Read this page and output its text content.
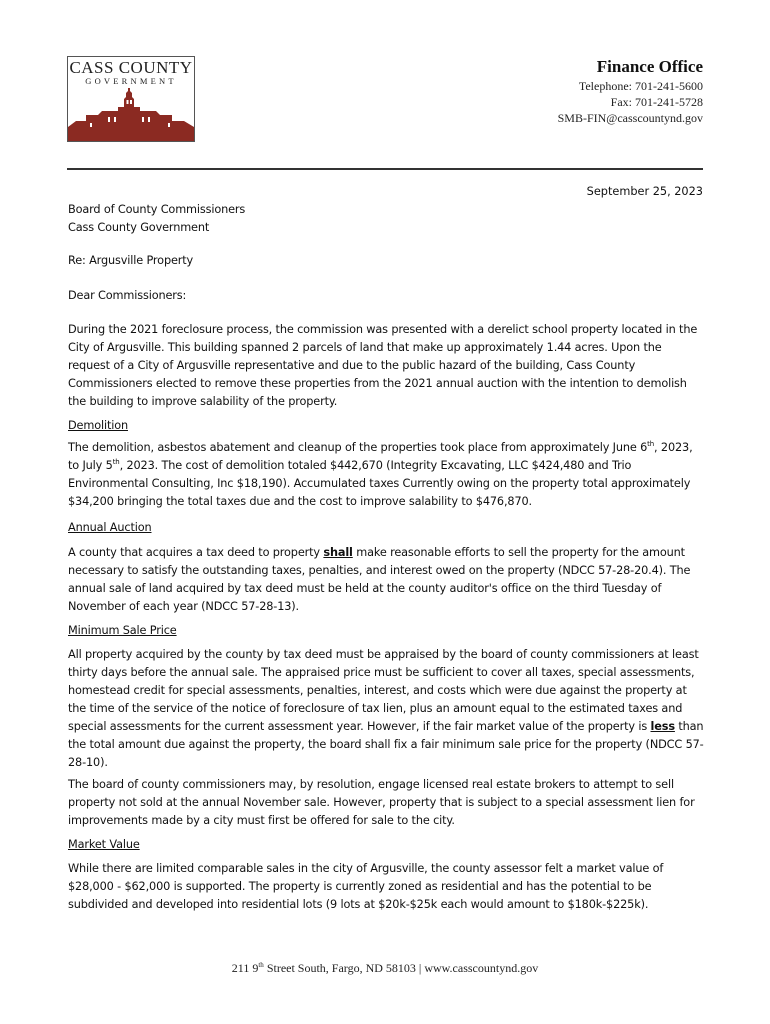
CASS COUNTY
GOVERNMENT
Finance Office
Telephone: 701-241-5600
Fax: 701-241-5728
SMB-FIN@casscountynd.gov
September 25, 2023

Board of County Commissioners

Cass County Government

Re: Argusville Property
Dear Commissioners:
During the 2021 foreclosure process, the commission was presented with a derelict school property located in the City of Argusville. This building spanned 2 parcels of land that make up approximately 1.44 acres. Upon the request of a City of Argusville representative and due to the public hazard of the building, Cass County Commissioners elected to remove these properties from the 2021 annual auction with the intention to demolish the building to improve salability of the property.
Demolition
The demolition, asbestos abatement and cleanup of the properties took place from approximately June 6th, 2023, to July 5th, 2023. The cost of demolition totaled $442,670 (Integrity Excavating, LLC $424,480 and Trio Environmental Consulting, Inc $18,190). Accumulated taxes Currently owing on the property total approximately $34,200 bringing the total taxes due and the cost to improve salability to $476,870.
Annual Auction
A county that acquires a tax deed to property shall make reasonable efforts to sell the property for the amount necessary to satisfy the outstanding taxes, penalties, and interest owed on the property (NDCC 57-28-20.4). The annual sale of land acquired by tax deed must be held at the county auditor's office on the third Tuesday of November of each year (NDCC 57-28-13).
Minimum Sale Price
All property acquired by the county by tax deed must be appraised by the board of county commissioners at least thirty days before the annual sale. The appraised price must be sufficient to cover all taxes, special assessments, homestead credit for special assessments, penalties, interest, and costs which were due against the property at the time of the service of the notice of foreclosure of tax lien, plus an amount equal to the estimated taxes and special assessments for the current assessment year. However, if the fair market value of the property is less than the total amount due against the property, the board shall fix a fair minimum sale price for the property (NDCC 57-28-10).
The board of county commissioners may, by resolution, engage licensed real estate brokers to attempt to sell property not sold at the annual November sale. However, property that is subject to a special assessment lien for improvements made by a city must first be offered for sale to the city.
Market Value
While there are limited comparable sales in the city of Argusville, the county assessor felt a market value of $28,000 - $62,000 is supported. The property is currently zoned as residential and has the potential to be subdivided and developed into residential lots (9 lots at $20k-$25k each would amount to $180k-$225k).
211 9th Street South, Fargo, ND 58103 | www.casscountynd.gov
